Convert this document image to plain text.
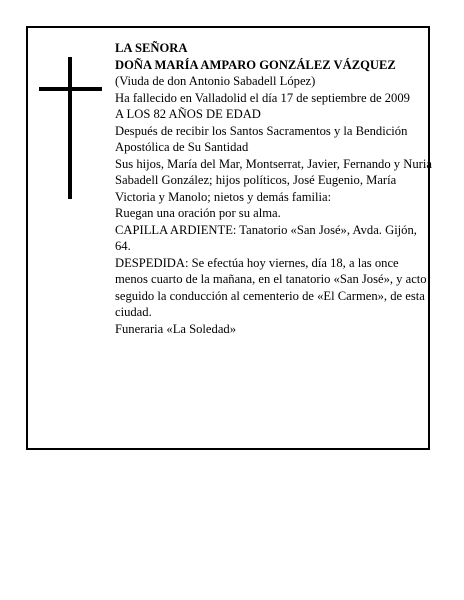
LA SEÑORA

DOÑA MARÍA AMPARO GONZÁLEZ VÁZQUEZ

(Viuda de don Antonio Sabadell López)

Ha fallecido en Valladolid el día 17 de septiembre de 2009

A LOS 82 AÑOS DE EDAD

Después de recibir los Santos Sacramentos y la Bendición Apostólica de Su Santidad

Sus hijos, María del Mar, Montserrat, Javier, Fernando y Nuria Sabadell González; hijos políticos, José Eugenio, María Victoria y Manolo; nietos y demás familia:

Ruegan una oración por su alma.

CAPILLA ARDIENTE: Tanatorio «San José», Avda. Gijón, 64.

DESPEDIDA: Se efectúa hoy viernes, día 18, a las once menos cuarto de la mañana, en el tanatorio «San José», y acto seguido la conducción al cementerio de «El Carmen», de esta ciudad.

Funeraria «La Soledad»
